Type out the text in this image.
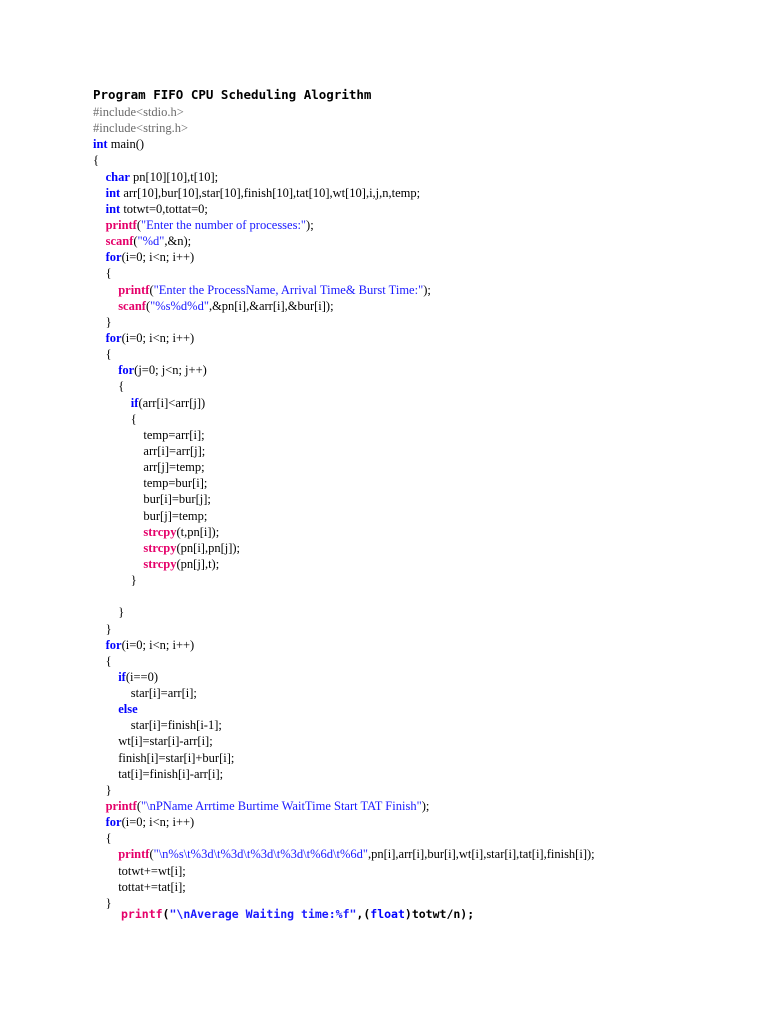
Program FIFO CPU Scheduling Alogrithm
#include<stdio.h>
#include<string.h>
int main()
{
char pn[10][10],t[10];
int arr[10],bur[10],star[10],finish[10],tat[10],wt[10],i,j,n,temp;
int totwt=0,tottat=0;
printf("Enter the number of processes:");
scanf("%d",&n);
for(i=0; i<n; i++)
{
printf("Enter the ProcessName, Arrival Time& Burst Time:");
scanf("%s%d%d",&pn[i],&arr[i],&bur[i]);
}
for(i=0; i<n; i++)
{
for(j=0; j<n; j++)
{
if(arr[i]<arr[j])
{
temp=arr[i];
arr[i]=arr[j];
arr[j]=temp;
temp=bur[i];
bur[i]=bur[j];
bur[j]=temp;
strcpy(t,pn[i]);
strcpy(pn[i],pn[j]);
strcpy(pn[j],t);
}

}
}
for(i=0; i<n; i++)
{
if(i==0)
star[i]=arr[i];
else
star[i]=finish[i-1];
wt[i]=star[i]-arr[i];
finish[i]=star[i]+bur[i];
tat[i]=finish[i]-arr[i];
}
printf("\nPName Arrtime Burtime WaitTime Start TAT Finish");
for(i=0; i<n; i++)
{
printf("\n%s\t%3d\t%3d\t%3d\t%3d\t%6d\t%6d",pn[i],arr[i],bur[i],wt[i],star[i],tat[i],finish[i]);
totwt+=wt[i];
tottat+=tat[i];
}
printf("\nAverage Waiting time:%f",(float)totwt/n);
